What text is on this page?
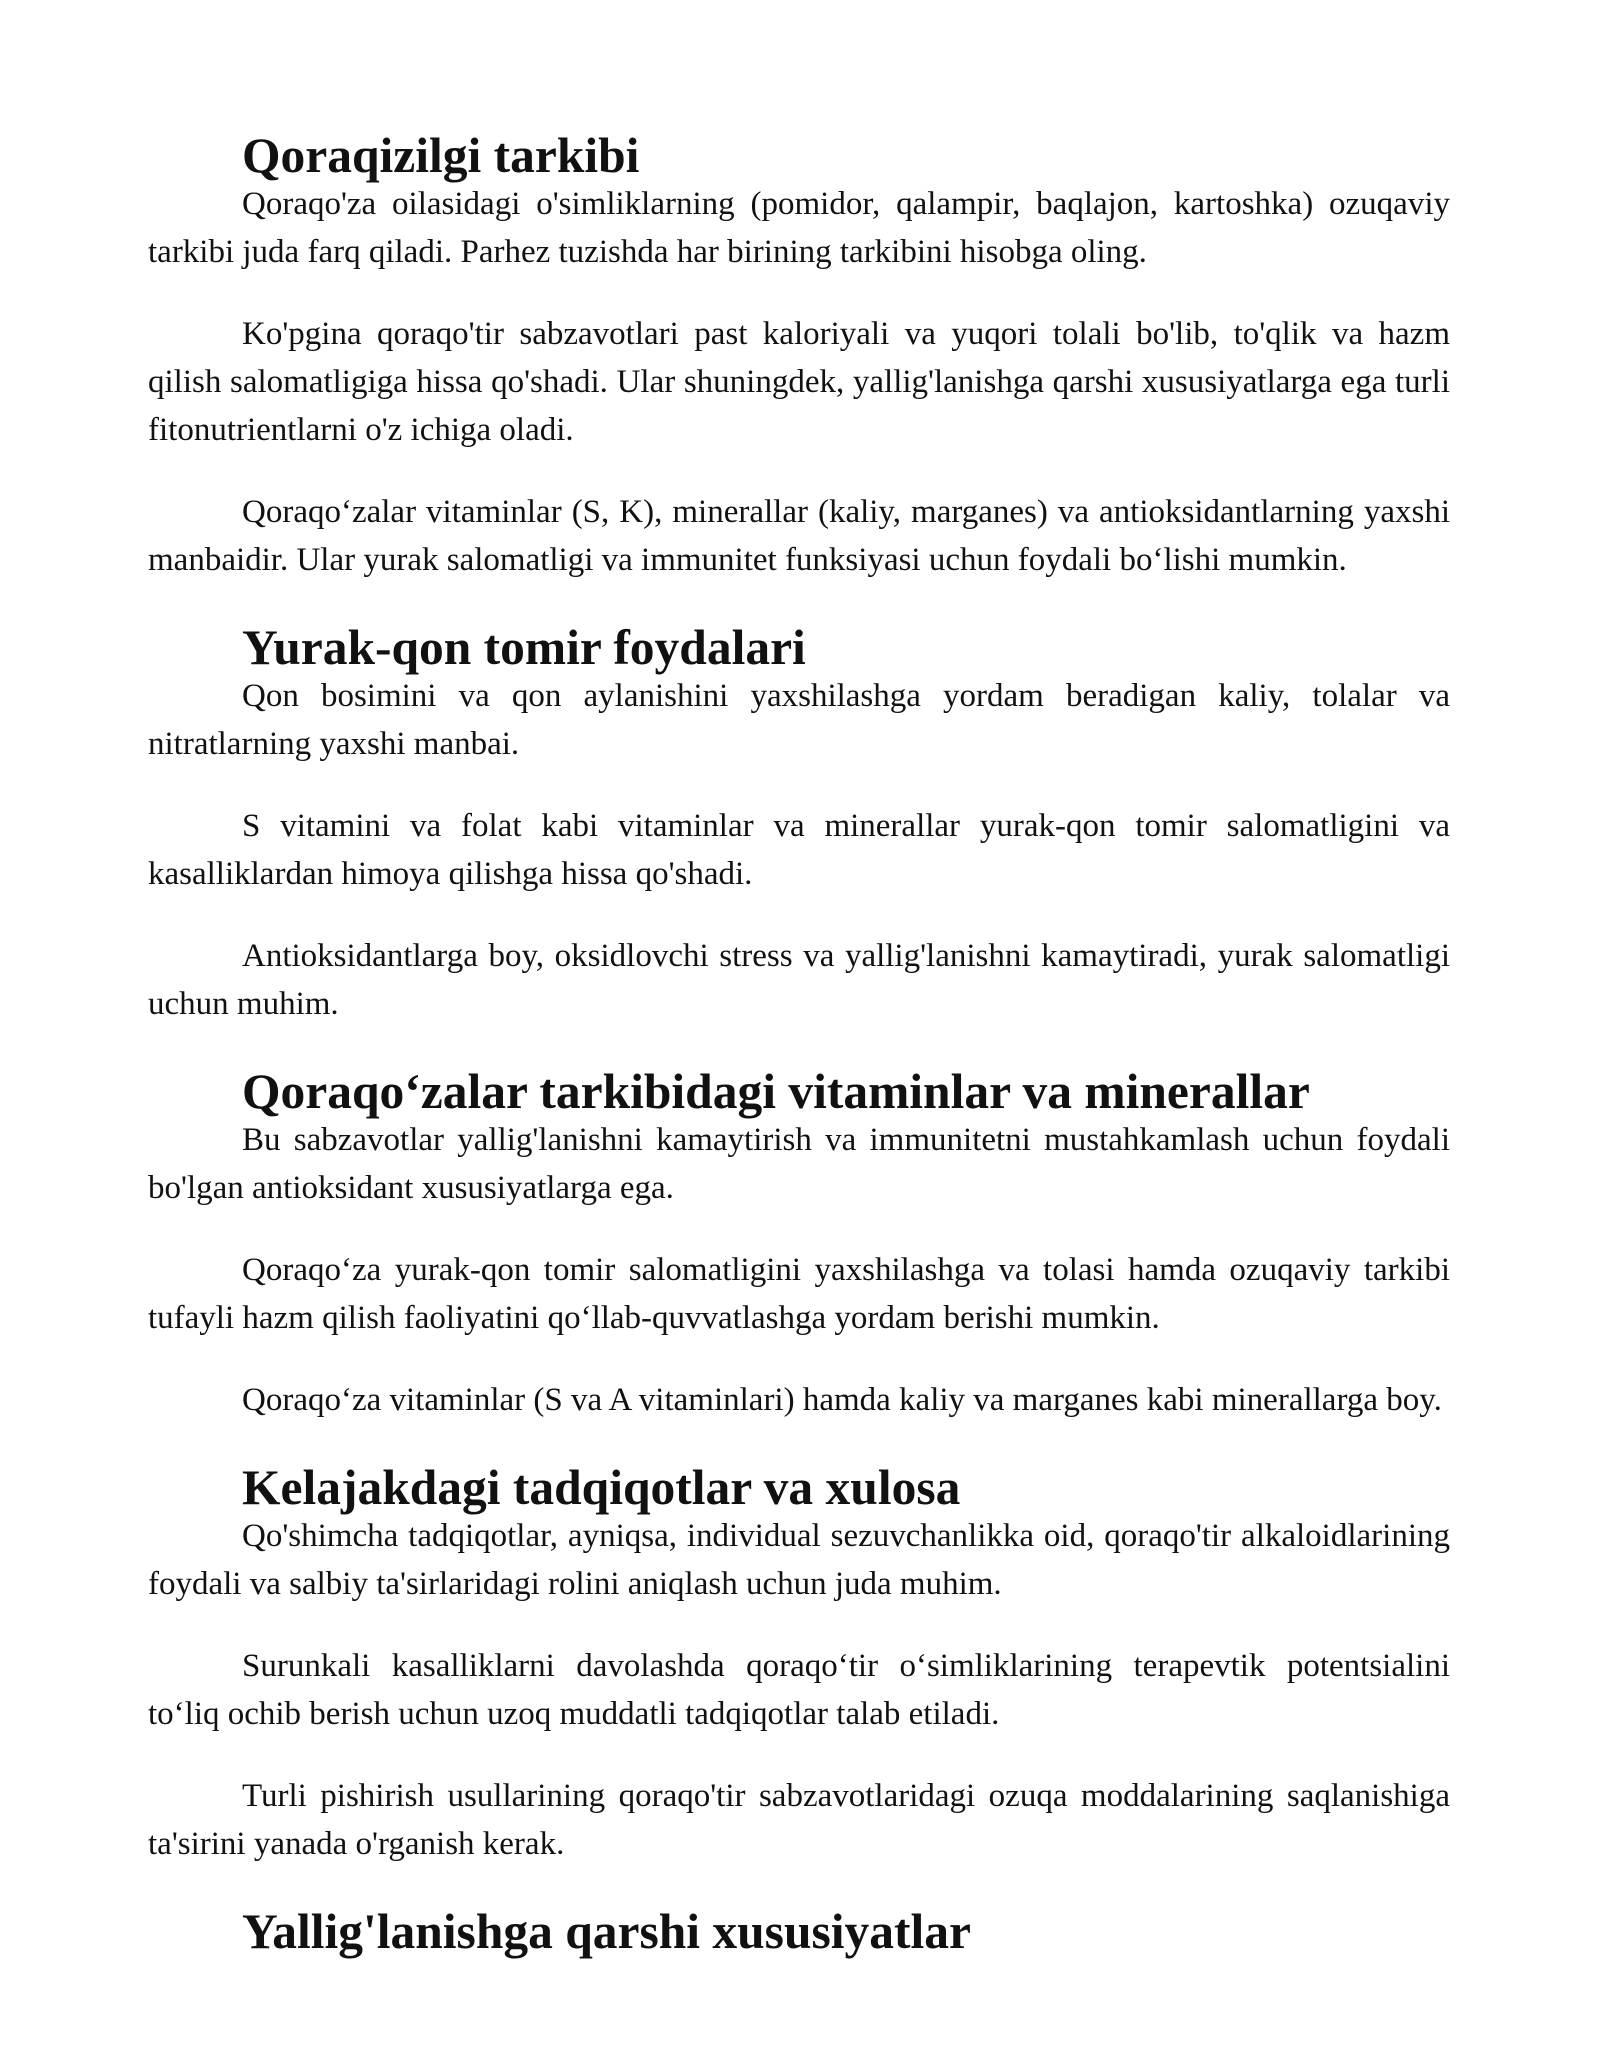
Qoraqizilgi tarkibi

Qoraqo'za oilasidagi o'simliklarning (pomidor, qalampir, baqlajon, kartoshka) ozuqaviy tarkibi juda farq qiladi. Parhez tuzishda har birining tarkibini hisobga oling.

Ko'pgina qoraqo'tir sabzavotlari past kaloriyali va yuqori tolali bo'lib, to'qlik va hazm qilish salomatligiga hissa qo'shadi. Ular shuningdek, yallig'lanishga qarshi xususiyatlarga ega turli fitonutrientlarni o'z ichiga oladi.

Qoraqoʻzalar vitaminlar (S, K), minerallar (kaliy, marganes) va antioksidantlarning yaxshi manbaidir. Ular yurak salomatligi va immunitet funksiyasi uchun foydali boʻlishi mumkin.

Yurak-qon tomir foydalari

Qon bosimini va qon aylanishini yaxshilashga yordam beradigan kaliy, tolalar va nitratlarning yaxshi manbai.

S vitamini va folat kabi vitaminlar va minerallar yurak-qon tomir salomatligini va kasalliklardan himoya qilishga hissa qo'shadi.

Antioksidantlarga boy, oksidlovchi stress va yallig'lanishni kamaytiradi, yurak salomatligi uchun muhim.

Qoraqoʻzalar tarkibidagi vitaminlar va minerallar

Bu sabzavotlar yallig'lanishni kamaytirish va immunitetni mustahkamlash uchun foydali bo'lgan antioksidant xususiyatlarga ega.

Qoraqoʻza yurak-qon tomir salomatligini yaxshilashga va tolasi hamda ozuqaviy tarkibi tufayli hazm qilish faoliyatini qoʻllab-quvvatlashga yordam berishi mumkin.

Qoraqoʻza vitaminlar (S va A vitaminlari) hamda kaliy va marganes kabi minerallarga boy.

Kelajakdagi tadqiqotlar va xulosa

Qo'shimcha tadqiqotlar, ayniqsa, individual sezuvchanlikka oid, qoraqo'tir alkaloidlarining foydali va salbiy ta'sirlaridagi rolini aniqlash uchun juda muhim.

Surunkali kasalliklarni davolashda qoraqoʻtir oʻsimliklarining terapevtik potentsialini toʻliq ochib berish uchun uzoq muddatli tadqiqotlar talab etiladi.

Turli pishirish usullarining qoraqo'tir sabzavotlaridagi ozuqa moddalarining saqlanishiga ta'sirini yanada o'rganish kerak.

Yallig'lanishga qarshi xususiyatlar
